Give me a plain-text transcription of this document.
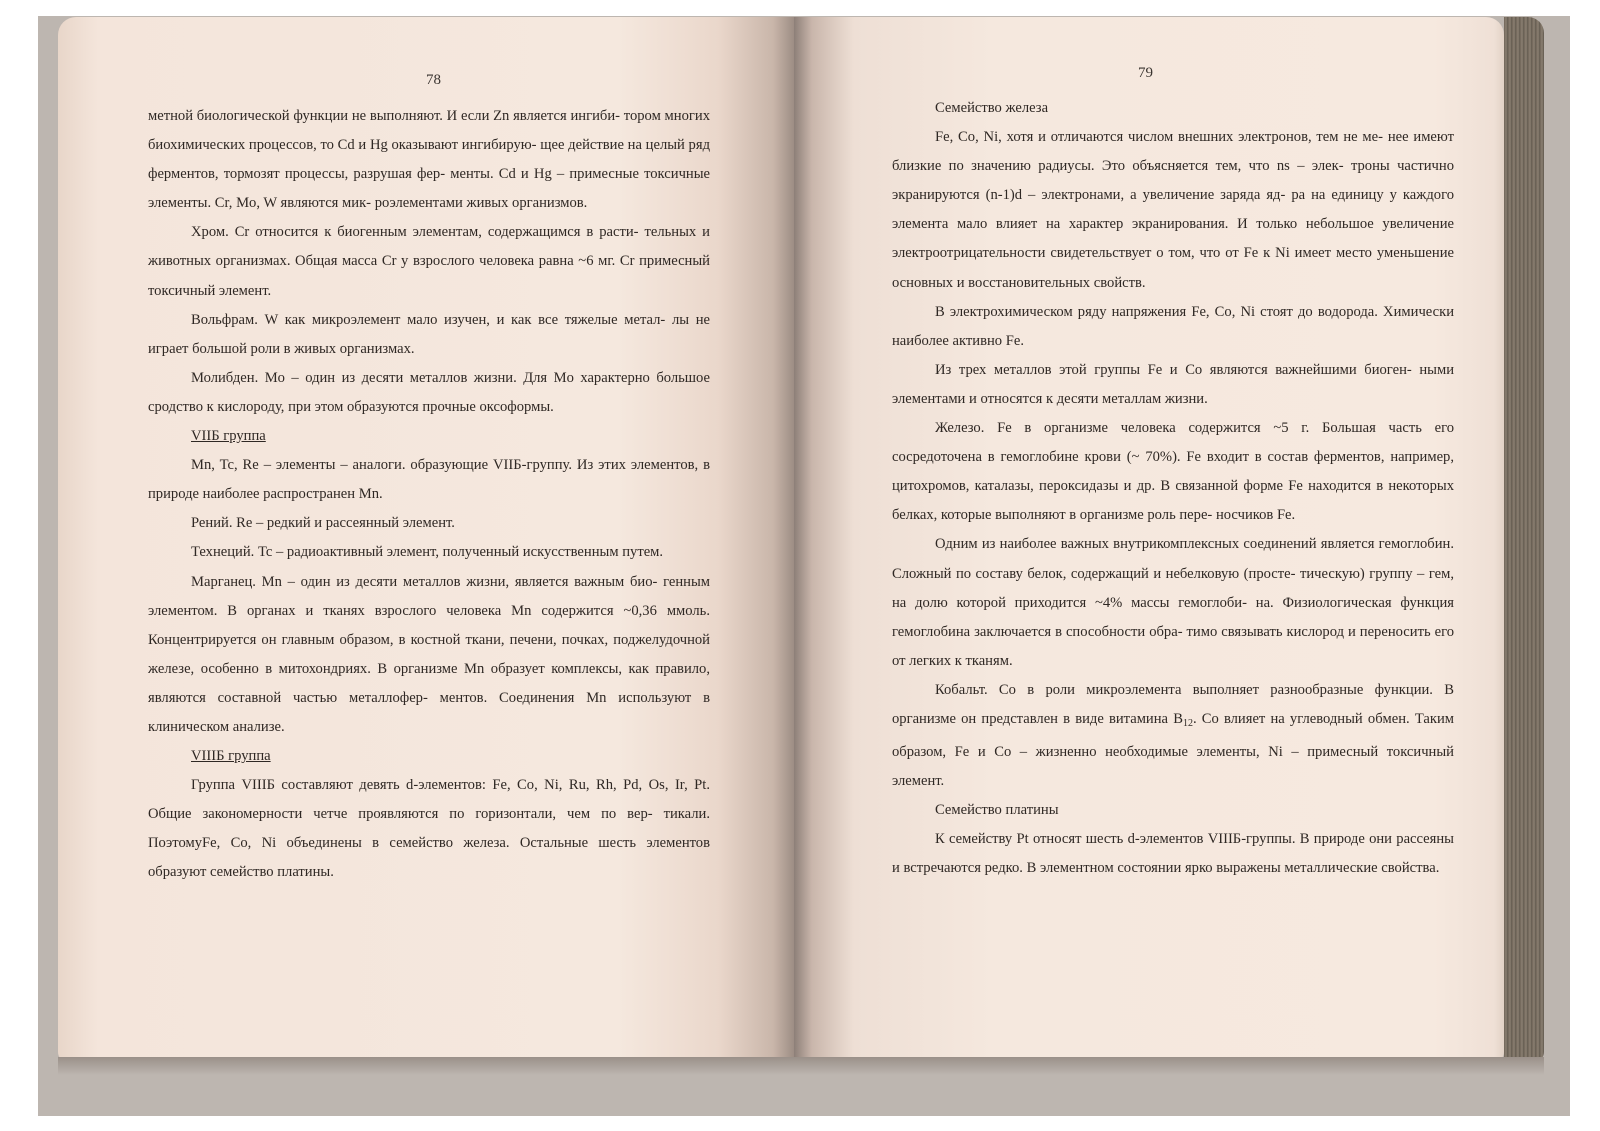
78

метной биологической функции не выполняют. И если Zn является ингиби- тором многих биохимических процессов, то Cd и Hg оказывают ингибирую- щее действие на целый ряд ферментов, тормозят процессы, разрушая фер- менты. Cd и Hg – примесные токсичные элементы. Cr, Mo, W являются мик- роэлементами живых организмов.

Хром. Cr относится к биогенным элементам, содержащимся в расти- тельных и животных организмах. Общая масса Cr у взрослого человека равна ~6 мг. Cr примесный токсичный элемент.

Вольфрам. W как микроэлемент мало изучен, и как все тяжелые метал- лы не играет большой роли в живых организмах.

Молибден. Mo – один из десяти металлов жизни. Для Mo характерно большое сродство к кислороду, при этом образуются прочные оксоформы.

VIIБ группа

Mn, Tc, Re – элементы – аналоги. образующие VIIБ-группу. Из этих элементов, в природе наиболее распространен Mn.

Рений. Re – редкий и рассеянный элемент.

Технеций. Tc – радиоактивный элемент, полученный искусственным путем.

Марганец. Mn – один из десяти металлов жизни, является важным био- генным элементом. В органах и тканях взрослого человека Mn содержится ~0,36 ммоль. Концентрируется он главным образом, в костной ткани, печени, почках, поджелудочной железе, особенно в митохондриях. В организме Mn образует комплексы, как правило, являются составной частью металлофер- ментов. Соединения Mn используют в клиническом анализе.

VIIIБ группа

Группа VIIIБ составляют девять d-элементов: Fe, Co, Ni, Ru, Rh, Pd, Os, Ir, Pt. Общие закономерности четче проявляются по горизонтали, чем по вер- тикали. ПоэтомуFe, Co, Ni объединены в семейство железа. Остальные шесть элементов образуют семейство платины.

79

Семейство железа

Fe, Co, Ni, хотя и отличаются числом внешних электронов, тем не ме- нее имеют близкие по значению радиусы. Это объясняется тем, что ns – элек- троны частично экранируются (n-1)d – электронами, а увеличение заряда яд- ра на единицу у каждого элемента мало влияет на характер экранирования. И только небольшое увеличение электроотрицательности свидетельствует о том, что от Fe к Ni имеет место уменьшение основных и восстановительных свойств.

В электрохимическом ряду напряжения Fe, Co, Ni стоят до водорода. Химически наиболее активно Fe.

Из трех металлов этой группы Fe и Co являются важнейшими биоген- ными элементами и относятся к десяти металлам жизни.

Железо. Fe в организме человека содержится ~5 г. Большая часть его сосредоточена в гемоглобине крови (~ 70%). Fe входит в состав ферментов, например, цитохромов, каталазы, пероксидазы и др. В связанной форме Fe находится в некоторых белках, которые выполняют в организме роль пере- носчиков Fe.

Одним из наиболее важных внутрикомплексных соединений является гемоглобин. Сложный по составу белок, содержащий и небелковую (просте- тическую) группу – гем, на долю которой приходится ~4% массы гемоглоби- на. Физиологическая функция гемоглобина заключается в способности обра- тимо связывать кислород и переносить его от легких к тканям.

Кобальт. Co в роли микроэлемента выполняет разнообразные функции. В организме он представлен в виде витамина $B_{12}$. Co влияет на углеводный обмен. Таким образом, Fe и Co – жизненно необходимые элементы, Ni – примесный токсичный элемент.

Семейство платины

К семейству Pt относят шесть d-элементов VIIIБ-группы. В природе они рассеяны и встречаются редко. В элементном состоянии ярко выражены металлические свойства.
